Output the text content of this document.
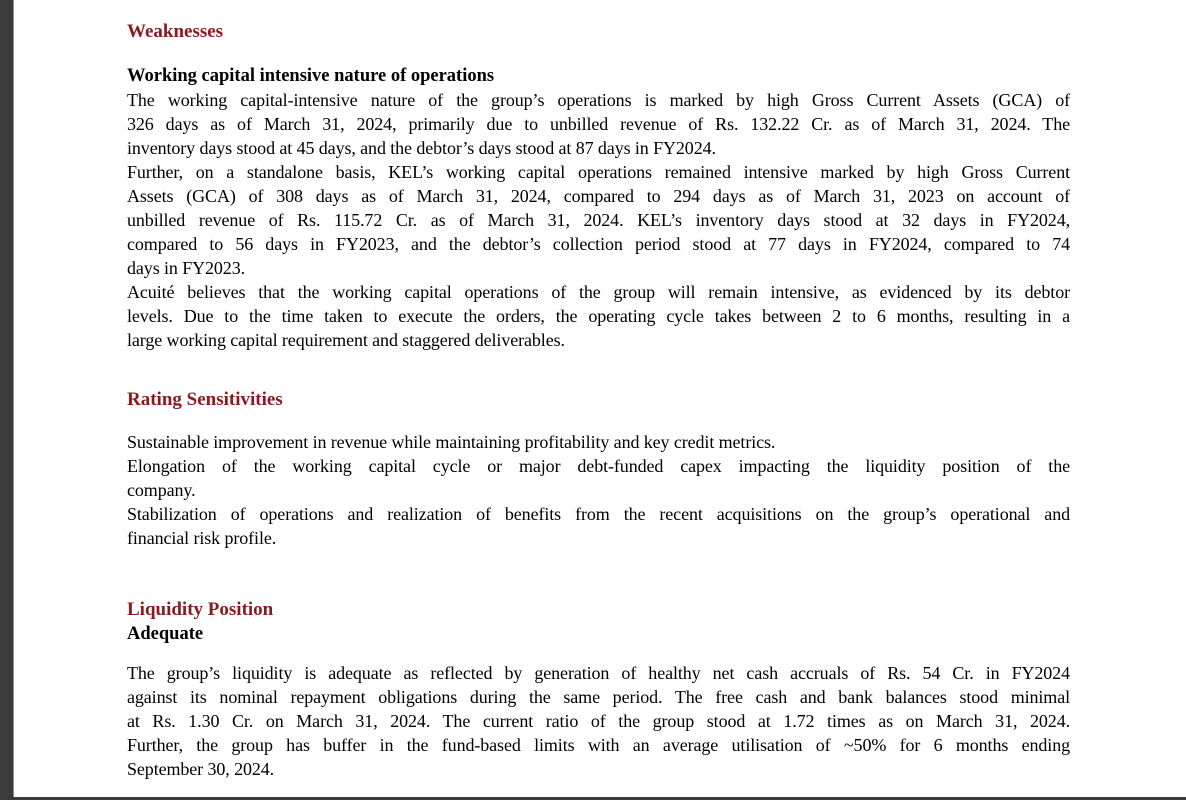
Weaknesses
Working capital intensive nature of operations
The working capital-intensive nature of the group’s operations is marked by high Gross Current Assets (GCA) of
326 days as of March 31, 2024, primarily due to unbilled revenue of Rs. 132.22 Cr. as of March 31, 2024. The
inventory days stood at 45 days, and the debtor’s days stood at 87 days in FY2024.
Further, on a standalone basis, KEL’s working capital operations remained intensive marked by high Gross Current
Assets (GCA) of 308 days as of March 31, 2024, compared to 294 days as of March 31, 2023 on account of
unbilled revenue of Rs. 115.72 Cr. as of March 31, 2024. KEL’s inventory days stood at 32 days in FY2024,
compared to 56 days in FY2023, and the debtor’s collection period stood at 77 days in FY2024, compared to 74
days in FY2023.
Acuité believes that the working capital operations of the group will remain intensive, as evidenced by its debtor
levels. Due to the time taken to execute the orders, the operating cycle takes between 2 to 6 months, resulting in a
large working capital requirement and staggered deliverables.
Rating Sensitivities
Sustainable improvement in revenue while maintaining profitability and key credit metrics.
Elongation of the working capital cycle or major debt-funded capex impacting the liquidity position of the
company.
Stabilization of operations and realization of benefits from the recent acquisitions on the group’s operational and
financial risk profile.
Liquidity Position
Adequate
The group’s liquidity is adequate as reflected by generation of healthy net cash accruals of Rs. 54 Cr. in FY2024
against its nominal repayment obligations during the same period. The free cash and bank balances stood minimal
at Rs. 1.30 Cr. on March 31, 2024. The current ratio of the group stood at 1.72 times as on March 31, 2024.
Further, the group has buffer in the fund-based limits with an average utilisation of ~50% for 6 months ending
September 30, 2024.
